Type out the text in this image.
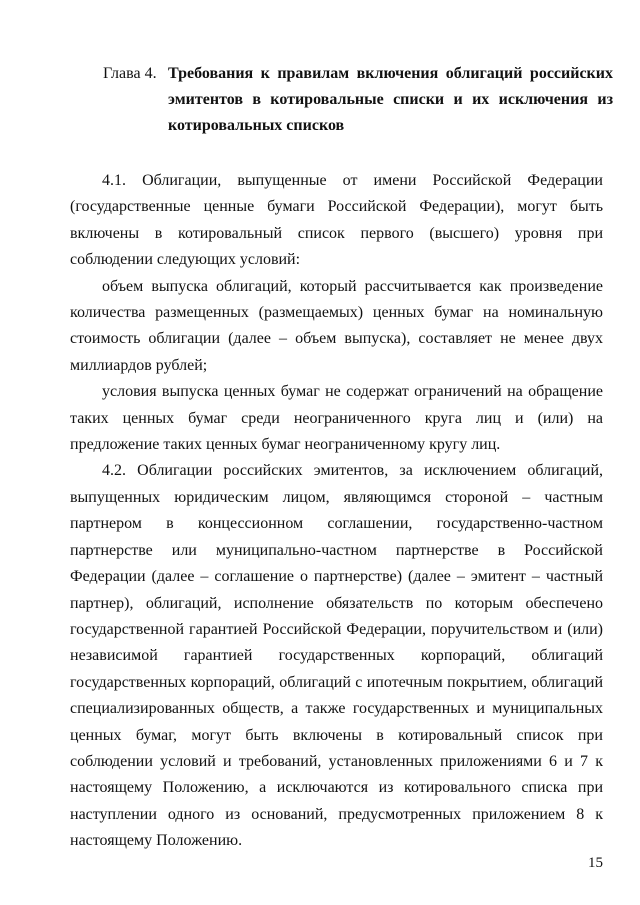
Глава 4. Требования к правилам включения облигаций российских эмитентов в котировальные списки и их исключения из котировальных списков

4.1. Облигации, выпущенные от имени Российской Федерации (государственные ценные бумаги Российской Федерации), могут быть включены в котировальный список первого (высшего) уровня при соблюдении следующих условий:

объем выпуска облигаций, который рассчитывается как произведение количества размещенных (размещаемых) ценных бумаг на номинальную стоимость облигации (далее – объем выпуска), составляет не менее двух миллиардов рублей;

условия выпуска ценных бумаг не содержат ограничений на обращение таких ценных бумаг среди неограниченного круга лиц и (или) на предложение таких ценных бумаг неограниченному кругу лиц.

4.2. Облигации российских эмитентов, за исключением облигаций, выпущенных юридическим лицом, являющимся стороной – частным партнером в концессионном соглашении, государственно-частном партнерстве или муниципально-частном партнерстве в Российской Федерации (далее – соглашение о партнерстве) (далее – эмитент – частный партнер), облигаций, исполнение обязательств по которым обеспечено государственной гарантией Российской Федерации, поручительством и (или) независимой гарантией государственных корпораций, облигаций государственных корпораций, облигаций с ипотечным покрытием, облигаций специализированных обществ, а также государственных и муниципальных ценных бумаг, могут быть включены в котировальный список при соблюдении условий и требований, установленных приложениями 6 и 7 к настоящему Положению, а исключаются из котировального списка при наступлении одного из оснований, предусмотренных приложением 8 к настоящему Положению.

15
